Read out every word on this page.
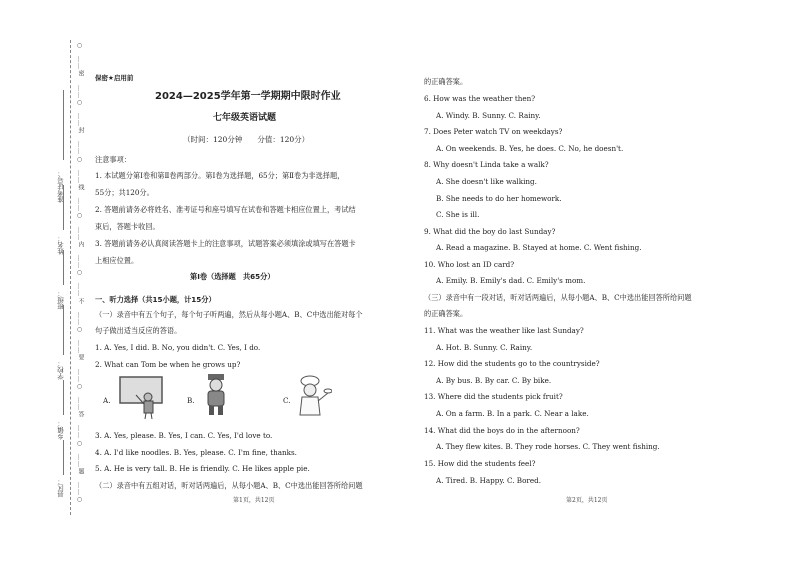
准考证号：
姓名：
班级：
学校：
乡镇：
县区：
○
……
密
……
○
……
封
……
○
……
线
……
○
……
内
……
○
……
不
……
○
……
要
……
○
……
答
……
○
……
题
……
○
保密★启用前
2024—2025学年第一学期期中限时作业
七年级英语试题
（时间：120分钟　　分值：120分）
注意事项：
1. 本试题分第Ⅰ卷和第Ⅱ卷两部分。第Ⅰ卷为选择题，65分；第Ⅱ卷为非选择题，
55分；共120分。
2. 答题前请务必将姓名、准考证号和座号填写在试卷和答题卡相应位置上，考试结
束后，答题卡收回。
3. 答题前请务必认真阅读答题卡上的注意事项，试题答案必须填涂或填写在答题卡
上相应位置。
第Ⅰ卷（选择题　共65分）
一、听力选择（共15小题，计15分）
（一）录音中有五个句子，每个句子听两遍，然后从每小题A、B、C中选出能对每个
句子做出适当反应的答语。
1. A. Yes, I did. B. No, you didn't. C. Yes, I do.
2. What can Tom be when he grows up?
A.	B.	C.
3. A. Yes, please. B. Yes, I can. C. Yes, I'd love to.
4. A. I'd like noodles. B. Yes, please. C. I'm fine, thanks.
5. A. He is very tall. B. He is friendly. C. He likes apple pie.
（二）录音中有五组对话，听对话两遍后，从每小题A、B、C中选出能回答所给问题
第1页，共12页
的正确答案。
6. How was the weather then?
A. Windy. B. Sunny. C. Rainy.
7. Does Peter watch TV on weekdays?
A. On weekends. B. Yes, he does. C. No, he doesn't.
8. Why doesn't Linda take a walk?
A. She doesn't like walking.
B. She needs to do her homework.
C. She is ill.
9. What did the boy do last Sunday?
A. Read a magazine. B. Stayed at home. C. Went fishing.
10. Who lost an ID card?
A. Emily. B. Emily's dad. C. Emily's mom.
（三）录音中有一段对话，听对话两遍后，从每小题A、B、C中选出能回答所给问题
的正确答案。
11. What was the weather like last Sunday?
A. Hot. B. Sunny. C. Rainy.
12. How did the students go to the countryside?
A. By bus. B. By car. C. By bike.
13. Where did the students pick fruit?
A. On a farm. B. In a park. C. Near a lake.
14. What did the boys do in the afternoon?
A. They flew kites. B. They rode horses. C. They went fishing.
15. How did the students feel?
A. Tired. B. Happy. C. Bored.
第2页，共12页
